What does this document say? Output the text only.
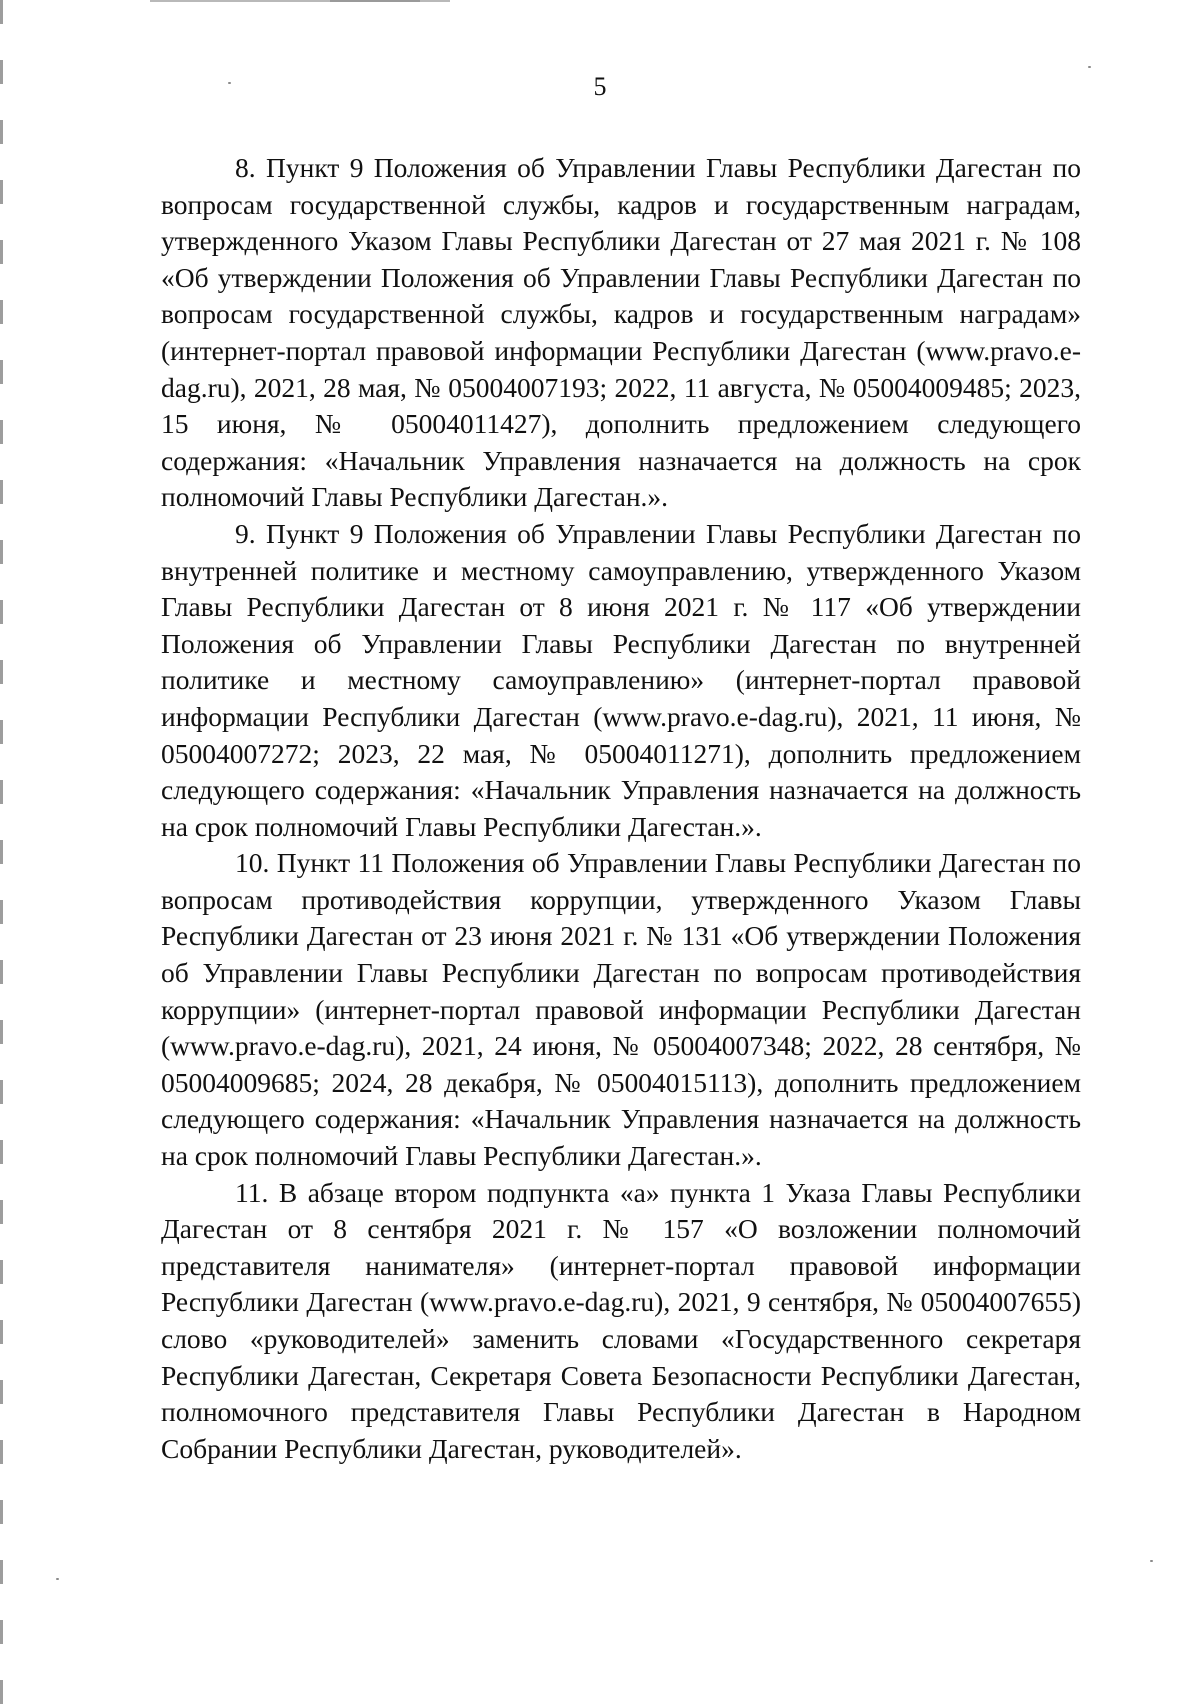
5

8. Пункт 9 Положения об Управлении Главы Республики Дагестан по вопросам государственной службы, кадров и государственным наградам, утвержденного Указом Главы Республики Дагестан от 27 мая 2021 г. № 108 «Об утверждении Положения об Управлении Главы Республики Дагестан по вопросам государственной службы, кадров и государственным наградам» (интернет-портал правовой информации Республики Дагестан (www.pravo.e-dag.ru), 2021, 28 мая, № 05004007193; 2022, 11 августа, № 05004009485; 2023, 15 июня, № 05004011427), дополнить предложением следующего содержания: «Начальник Управления назначается на должность на срок полномочий Главы Республики Дагестан.».

9. Пункт 9 Положения об Управлении Главы Республики Дагестан по внутренней политике и местному самоуправлению, утвержденного Указом Главы Республики Дагестан от 8 июня 2021 г. № 117 «Об утверждении Положения об Управлении Главы Республики Дагестан по внутренней политике и местному самоуправлению» (интернет-портал правовой информации Республики Дагестан (www.pravo.e-dag.ru), 2021, 11 июня, № 05004007272; 2023, 22 мая, № 05004011271), дополнить предложением следующего содержания: «Начальник Управления назначается на должность на срок полномочий Главы Республики Дагестан.».

10. Пункт 11 Положения об Управлении Главы Республики Дагестан по вопросам противодействия коррупции, утвержденного Указом Главы Республики Дагестан от 23 июня 2021 г. № 131 «Об утверждении Положения об Управлении Главы Республики Дагестан по вопросам противодействия коррупции» (интернет-портал правовой информации Республики Дагестан (www.pravo.e-dag.ru), 2021, 24 июня, № 05004007348; 2022, 28 сентября, № 05004009685; 2024, 28 декабря, № 05004015113), дополнить предложением следующего содержания: «Начальник Управления назначается на должность на срок полномочий Главы Республики Дагестан.».

11. В абзаце втором подпункта «а» пункта 1 Указа Главы Республики Дагестан от 8 сентября 2021 г. № 157 «О возложении полномочий представителя нанимателя» (интернет-портал правовой информации Республики Дагестан (www.pravo.e-dag.ru), 2021, 9 сентября, № 05004007655) слово «руководителей» заменить словами «Государственного секретаря Республики Дагестан, Секретаря Совета Безопасности Республики Дагестан, полномочного представителя Главы Республики Дагестан в Народном Собрании Республики Дагестан, руководителей».
